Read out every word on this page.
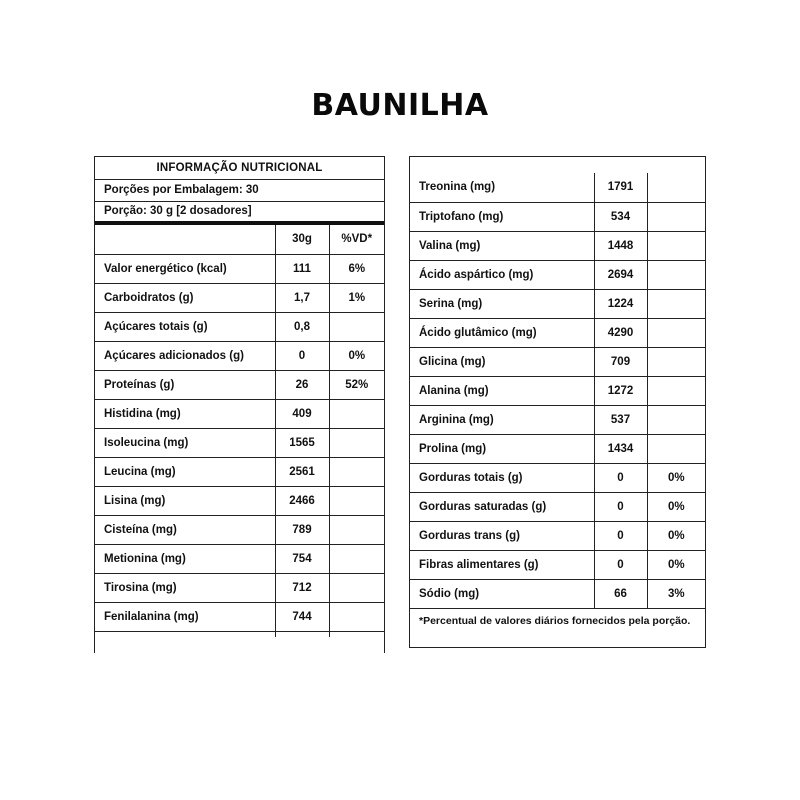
BAUNILHA
INFORMAÇÃO NUTRICIONAL
Porções por Embalagem: 30
Porção: 30 g [2 dosadores]
	30g	%VD*
Valor energético (kcal)	111	6%
Carboidratos (g)	1,7	1%
Açúcares totais (g)	0,8	
Açúcares adicionados (g)	0	0%
Proteínas (g)	26	52%
Histidina (mg)	409	
Isoleucina (mg)	1565	
Leucina (mg)	2561	
Lisina (mg)	2466	
Cisteína (mg)	789	
Metionina (mg)	754	
Tirosina (mg)	712	
Fenilalanina (mg)	744	

Treonina (mg)	1791	
Triptofano (mg)	534	
Valina (mg)	1448	
Ácido aspártico (mg)	2694	
Serina (mg)	1224	
Ácido glutâmico (mg)	4290	
Glicina (mg)	709	
Alanina (mg)	1272	
Arginina (mg)	537	
Prolina (mg)	1434	
Gorduras totais (g)	0	0%
Gorduras saturadas (g)	0	0%
Gorduras trans (g)	0	0%
Fibras alimentares (g)	0	0%
Sódio (mg)	66	3%
*Percentual de valores diários fornecidos pela porção.
